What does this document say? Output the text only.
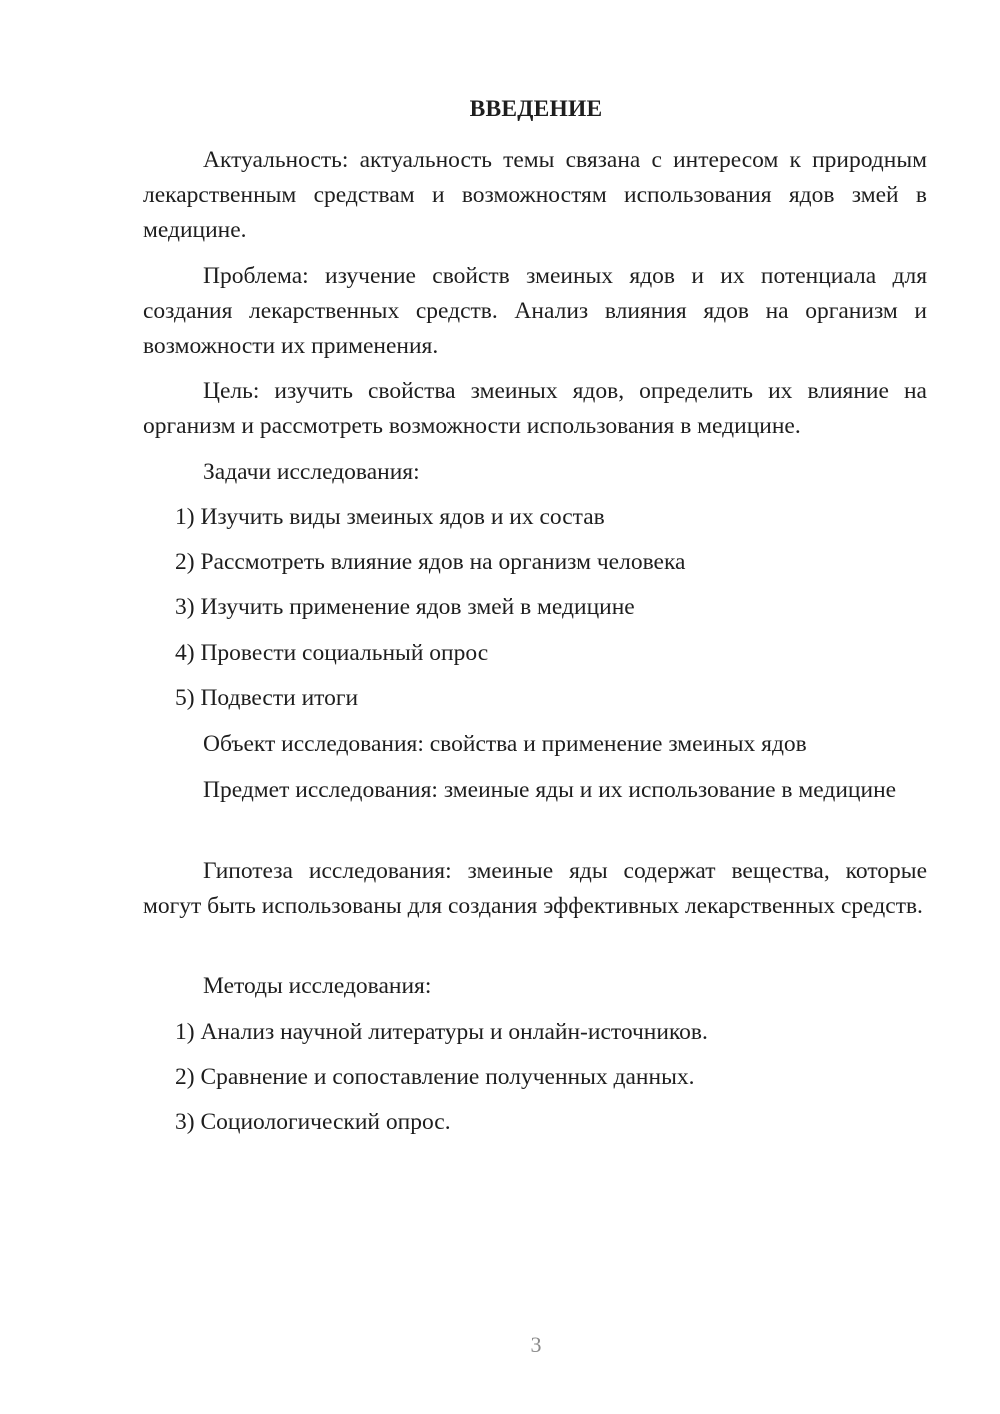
ВВЕДЕНИЕ

Актуальность: актуальность темы связана с интересом к природным лекарственным средствам и возможностям использования ядов змей в медицине.

Проблема: изучение свойств змеиных ядов и их потенциала для создания лекарственных средств. Анализ влияния ядов на организм и возможности их применения.

Цель: изучить свойства змеиных ядов, определить их влияние на организм и рассмотреть возможности использования в медицине.

Задачи исследования:

1) Изучить виды змеиных ядов и их состав

2) Рассмотреть влияние ядов на организм человека

3) Изучить применение ядов змей в медицине

4) Провести социальный опрос

5) Подвести итоги

Объект исследования: свойства и применение змеиных ядов

Предмет исследования: змеиные яды и их использование в медицине

Гипотеза исследования: змеиные яды содержат вещества, которые могут быть использованы для создания эффективных лекарственных средств.

Методы исследования:

1) Анализ научной литературы и онлайн-источников.

2) Сравнение и сопоставление полученных данных.

3) Социологический опрос.

3
